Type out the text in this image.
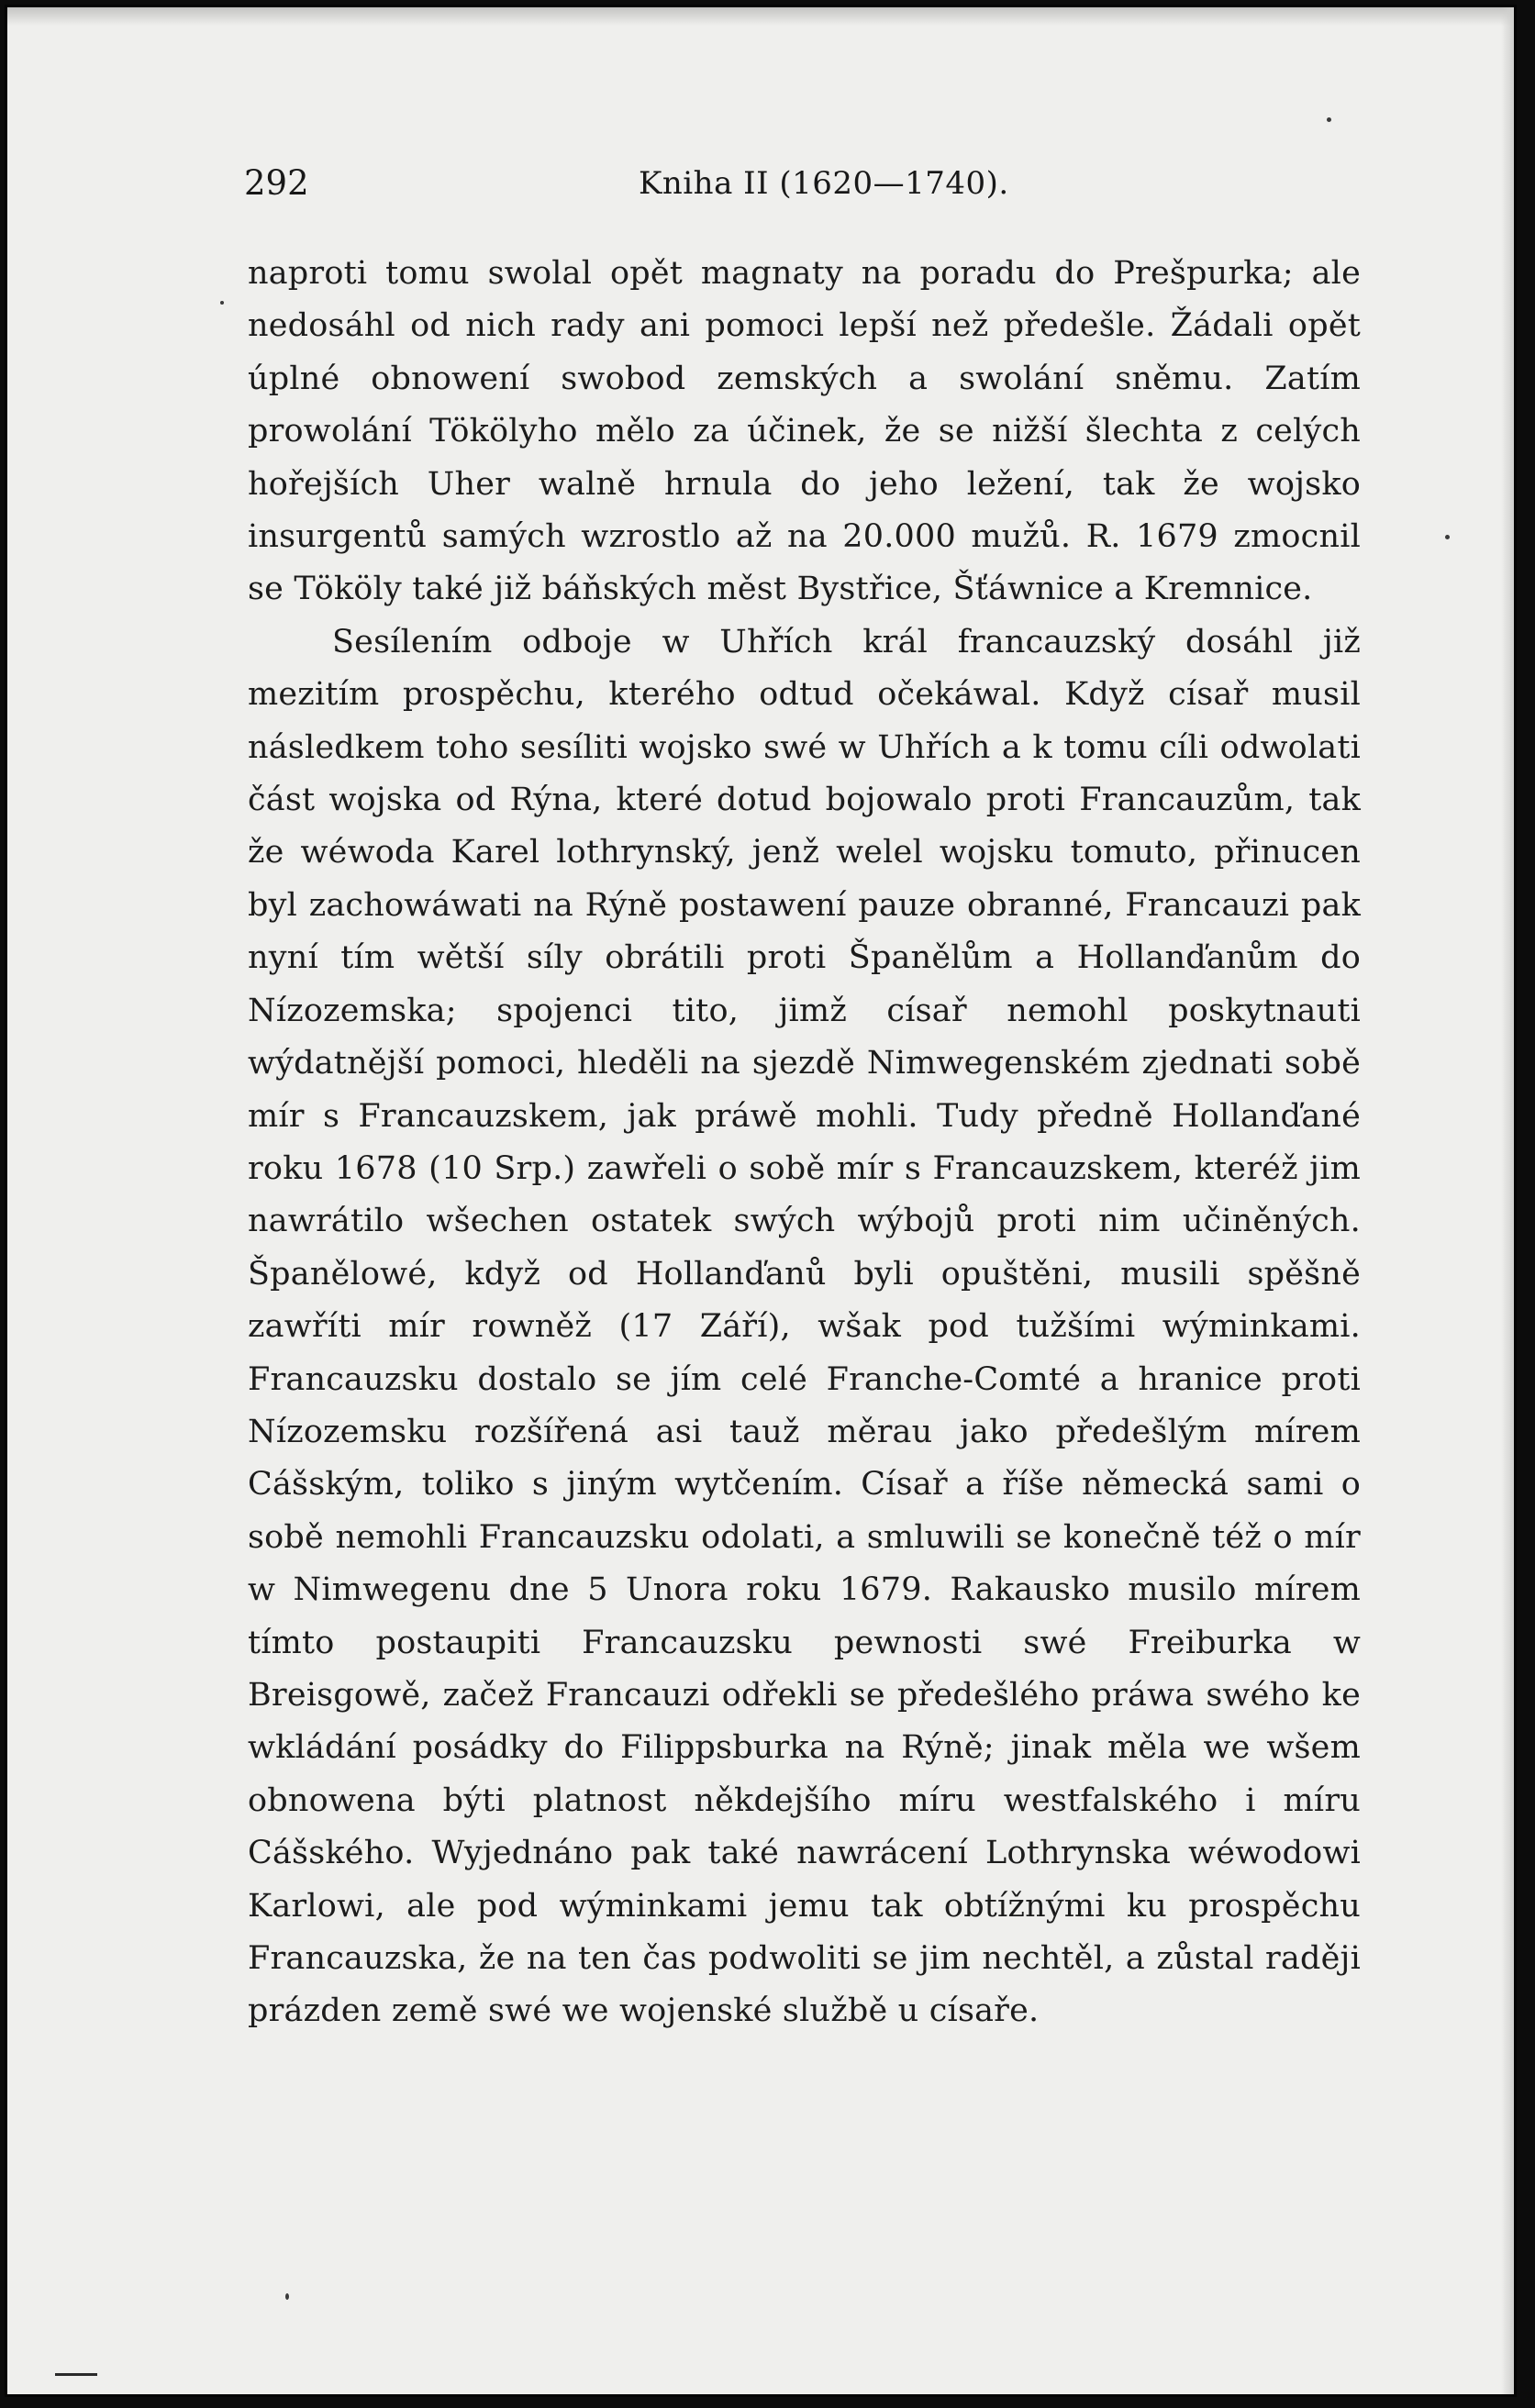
292	Kniha II (1620—1740).

naproti tomu swolal opět magnaty na poradu do Prešpurka; ale nedosáhl od nich rady ani pomoci lepší než předešle. Žádali opět úplné obnowení swobod zemských a swolání sněmu. Zatím prowolání Tökölyho mělo za účinek, že se nižší šlechta z celých hořejších Uher walně hrnula do jeho ležení, tak že wojsko insurgentů samých wzrostlo až na 20.000 mužů. R. 1679 zmocnil se Tököly také již báňských měst Bystřice, Šťáwnice a Kremnice.

Sesílením odboje w Uhřích král francauzský dosáhl již mezitím prospěchu, kterého odtud očekáwal. Když císař musil následkem toho sesíliti wojsko swé w Uhřích a k tomu cíli odwolati část wojska od Rýna, které dotud bojowalo proti Francauzům, tak že wéwoda Karel lothrynský, jenž welel wojsku tomuto, přinucen byl zachowáwati na Rýně postawení pauze obranné, Francauzi pak nyní tím wětší síly obrátili proti Španělům a Hollanďanům do Nízozemska; spojenci tito, jimž císař nemohl poskytnauti wýdatnější pomoci, hleděli na sjezdě Nimwegenském zjednati sobě mír s Francauzskem, jak práwě mohli. Tudy předně Hollanďané roku 1678 (10 Srp.) zawřeli o sobě mír s Francauzskem, kteréž jim nawrátilo wšechen ostatek swých wýbojů proti nim učiněných. Španělowé, když od Hollanďanů byli opuštěni, musili spěšně zawříti mír rowněž (17 Září), wšak pod tužšími wýminkami. Francauzsku dostalo se jím celé Franche-Comté a hranice proti Nízozemsku rozšířená asi tauž měrau jako předešlým mírem Cášským, toliko s jiným wytčením. Císař a říše německá sami o sobě nemohli Francauzsku odolati, a smluwili se konečně též o mír w Nimwegenu dne 5 Unora roku 1679. Rakausko musilo mírem tímto postaupiti Francauzsku pewnosti swé Freiburka w Breisgowě, začež Francauzi odřekli se předešlého práwa swého ke wkládání posádky do Filippsburka na Rýně; jinak měla we wšem obnowena býti platnost někdejšího míru westfalského i míru Cášského. Wyjednáno pak také nawrácení Lothrynska wéwodowi Karlowi, ale pod wýminkami jemu tak obtížnými ku prospěchu Francauzska, že na ten čas podwoliti se jim nechtěl, a zůstal raději prázden země swé we wojenské službě u císaře.
